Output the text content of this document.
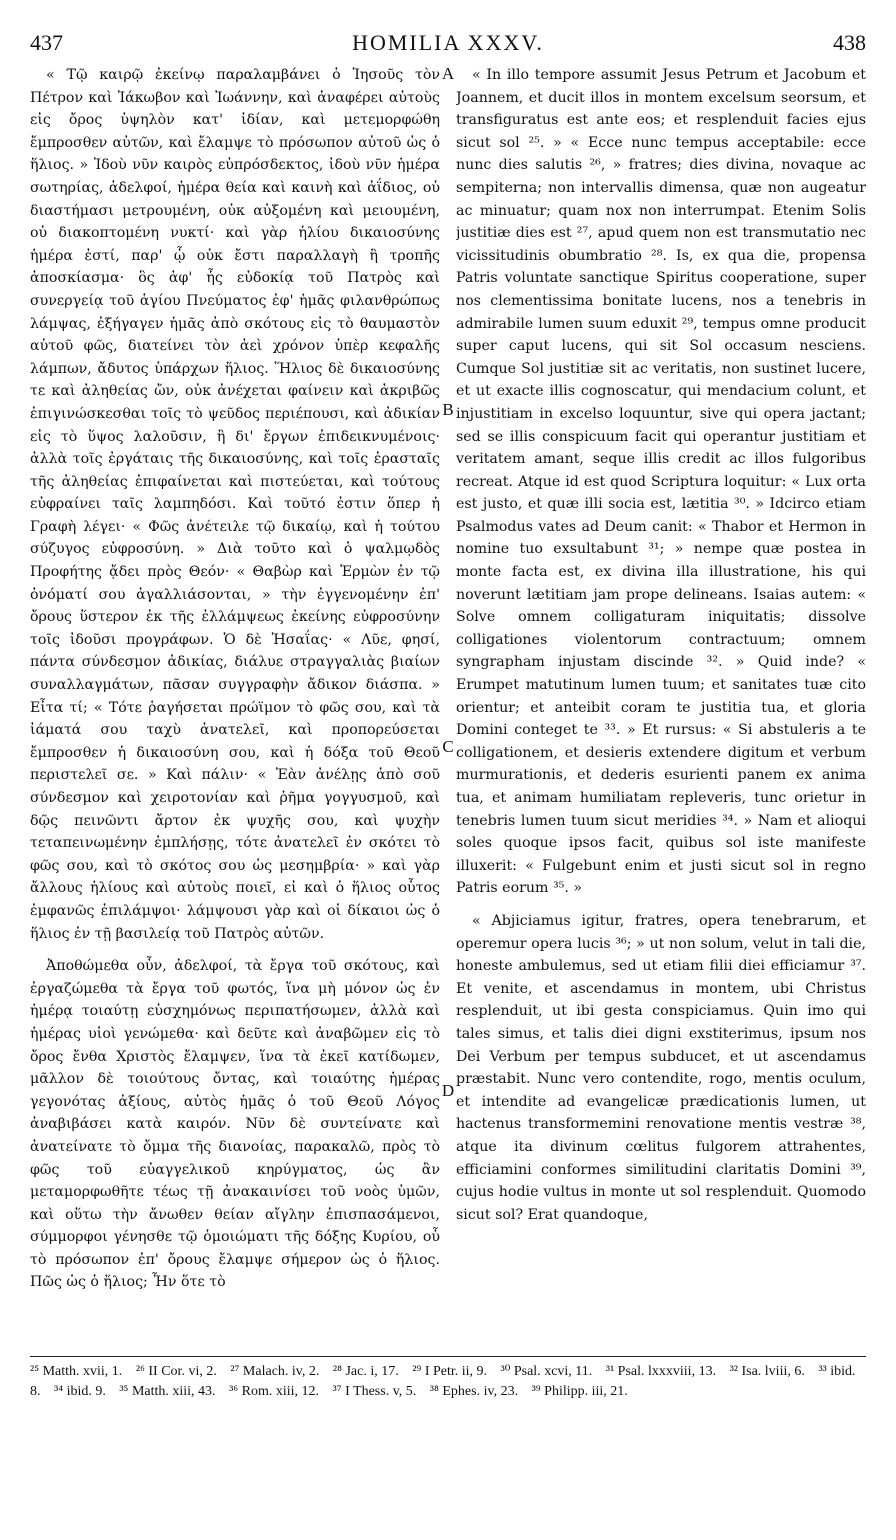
437	HOMILIA XXXV.	438

« Τῷ καιρῷ ἐκείνῳ παραλαμβάνει ὁ Ἰησοῦς τὸν Πέτρον καὶ Ἰάκωβον καὶ Ἰωάννην, καὶ ἀναφέρει αὐτοὺς εἰς ὄρος ὑψηλὸν κατ' ἰδίαν, καὶ μετεμορφώθη ἔμπροσθεν αὐτῶν, καὶ ἔλαμψε τὸ πρόσωπον αὐτοῦ ὡς ὁ ἥλιος. » Ἰδοὺ νῦν καιρὸς εὐπρόσδεκτος, ἰδοὺ νῦν ἡμέρα σωτηρίας, ἀδελφοί, ἡμέρα θεία καὶ καινὴ καὶ ἀΐδιος, οὐ διαστήμασι μετρουμένη, οὐκ αὐξομένη καὶ μειουμένη, οὐ διακοπτομένη νυκτί· καὶ γὰρ ἡλίου δικαιοσύνης ἡμέρα ἐστί, παρ' ᾧ οὐκ ἔστι παραλλαγὴ ἢ τροπῆς ἀποσκίασμα· ὃς ἀφ' ἧς εὐδοκίᾳ τοῦ Πατρὸς καὶ συνεργείᾳ τοῦ ἁγίου Πνεύματος ἐφ' ἡμᾶς φιλανθρώπως λάμψας, ἐξήγαγεν ἡμᾶς ἀπὸ σκότους εἰς τὸ θαυμαστὸν αὐτοῦ φῶς, διατείνει τὸν ἀεὶ χρόνον ὑπὲρ κεφαλῆς λάμπων, ἄδυτος ὑπάρχων ἥλιος. Ἥλιος δὲ δικαιοσύνης τε καὶ ἀληθείας ὤν, οὐκ ἀνέχεται φαίνειν καὶ ἀκριβῶς ἐπιγινώσκεσθαι τοῖς τὸ ψεῦδος περιέπουσι, καὶ ἀδικίαν εἰς τὸ ὕψος λαλοῦσιν, ἢ δι' ἔργων ἐπιδεικνυμένοις· ἀλλὰ τοῖς ἐργάταις τῆς δικαιοσύνης, καὶ τοῖς ἐρασταῖς τῆς ἀληθείας ἐπιφαίνεται καὶ πιστεύεται, καὶ τούτους εὐφραίνει ταῖς λαμπηδόσι. Καὶ τοῦτό ἐστιν ὅπερ ἡ Γραφὴ λέγει· « Φῶς ἀνέτειλε τῷ δικαίῳ, καὶ ἡ τούτου σύζυγος εὐφροσύνη. » Διὰ τοῦτο καὶ ὁ ψαλμῳδὸς Προφήτης ᾄδει πρὸς Θεόν· « Θαβὼρ καὶ Ἑρμὼν ἐν τῷ ὀνόματί σου ἀγαλλιάσονται, » τὴν ἐγγενομένην ἐπ' ὄρους ὕστερον ἐκ τῆς ἐλλάμψεως ἐκείνης εὐφροσύνην τοῖς ἰδοῦσι προγράφων. Ὁ δὲ Ἡσαΐας· « Λῦε, φησί, πάντα σύνδεσμον ἀδικίας, διάλυε στραγγαλιὰς βιαίων συναλλαγμάτων, πᾶσαν συγγραφὴν ἄδικον διάσπα. » Εἶτα τί; « Τότε ῥαγήσεται πρώϊμον τὸ φῶς σου, καὶ τὰ ἰάματά σου ταχὺ ἀνατελεῖ, καὶ προπορεύσεται ἔμπροσθεν ἡ δικαιοσύνη σου, καὶ ἡ δόξα τοῦ Θεοῦ περιστελεῖ σε. » Καὶ πάλιν· « Ἐὰν ἀνέλῃς ἀπὸ σοῦ σύνδεσμον καὶ χειροτονίαν καὶ ῥῆμα γογγυσμοῦ, καὶ δῷς πεινῶντι ἄρτον ἐκ ψυχῆς σου, καὶ ψυχὴν τεταπεινωμένην ἐμπλήσῃς, τότε ἀνατελεῖ ἐν σκότει τὸ φῶς σου, καὶ τὸ σκότος σου ὡς μεσημβρία· » καὶ γὰρ ἄλλους ἡλίους καὶ αὐτοὺς ποιεῖ, εἰ καὶ ὁ ἥλιος οὗτος ἐμφανῶς ἐπιλάμψοι· λάμψουσι γὰρ καὶ οἱ δίκαιοι ὡς ὁ ἥλιος ἐν τῇ βασιλείᾳ τοῦ Πατρὸς αὐτῶν.

Ἀποθώμεθα οὖν, ἀδελφοί, τὰ ἔργα τοῦ σκότους, καὶ ἐργαζώμεθα τὰ ἔργα τοῦ φωτός, ἵνα μὴ μόνον ὡς ἐν ἡμέρᾳ τοιαύτῃ εὐσχημόνως περιπατήσωμεν, ἀλλὰ καὶ ἡμέρας υἱοὶ γενώμεθα· καὶ δεῦτε καὶ ἀναβῶμεν εἰς τὸ ὄρος ἔνθα Χριστὸς ἔλαμψεν, ἵνα τὰ ἐκεῖ κατίδωμεν, μᾶλλον δὲ τοιούτους ὄντας, καὶ τοιαύτης ἡμέρας γεγονότας ἀξίους, αὐτὸς ἡμᾶς ὁ τοῦ Θεοῦ Λόγος ἀναβιβάσει κατὰ καιρόν. Νῦν δὲ συντείνατε καὶ ἀνατείνατε τὸ ὄμμα τῆς διανοίας, παρακαλῶ, πρὸς τὸ φῶς τοῦ εὐαγγελικοῦ κηρύγματος, ὡς ἂν μεταμορφωθῆτε τέως τῇ ἀνακαινίσει τοῦ νοὸς ὑμῶν, καὶ οὕτω τὴν ἄνωθεν θείαν αἴγλην ἐπισπασάμενοι, σύμμορφοι γένησθε τῷ ὁμοιώματι τῆς δόξης Κυρίου, οὗ τὸ πρόσωπον ἐπ' ὄρους ἔλαμψε σήμερον ὡς ὁ ἥλιος. Πῶς ὡς ὁ ἥλιος; Ἦν ὅτε τὸ

A
B
C
D

« In illo tempore assumit Jesus Petrum et Jacobum et Joannem, et ducit illos in montem excelsum seorsum, et transfiguratus est ante eos; et resplenduit facies ejus sicut sol ²⁵. » « Ecce nunc tempus acceptabile: ecce nunc dies salutis ²⁶, » fratres; dies divina, novaque ac sempiterna; non intervallis dimensa, quæ non augeatur ac minuatur; quam nox non interrumpat. Etenim Solis justitiæ dies est ²⁷, apud quem non est transmutatio nec vicissitudinis obumbratio ²⁸. Is, ex qua die, propensa Patris voluntate sanctique Spiritus cooperatione, super nos clementissima bonitate lucens, nos a tenebris in admirabile lumen suum eduxit ²⁹, tempus omne producit super caput lucens, qui sit Sol occasum nesciens. Cumque Sol justitiæ sit ac veritatis, non sustinet lucere, et ut exacte illis cognoscatur, qui mendacium colunt, et injustitiam in excelso loquuntur, sive qui opera jactant; sed se illis conspicuum facit qui operantur justitiam et veritatem amant, seque illis credit ac illos fulgoribus recreat. Atque id est quod Scriptura loquitur: « Lux orta est justo, et quæ illi socia est, lætitia ³⁰. » Idcirco etiam Psalmodus vates ad Deum canit: « Thabor et Hermon in nomine tuo exsultabunt ³¹; » nempe quæ postea in monte facta est, ex divina illa illustratione, his qui noverunt lætitiam jam prope delineans. Isaias autem: « Solve omnem colligaturam iniquitatis; dissolve colligationes violentorum contractuum; omnem syngrapham injustam discinde ³². » Quid inde? « Erumpet matutinum lumen tuum; et sanitates tuæ cito orientur; et anteibit coram te justitia tua, et gloria Domini conteget te ³³. » Et rursus: « Si abstuleris a te colligationem, et desieris extendere digitum et verbum murmurationis, et dederis esurienti panem ex anima tua, et animam humiliatam repleveris, tunc orietur in tenebris lumen tuum sicut meridies ³⁴. » Nam et alioqui soles quoque ipsos facit, quibus sol iste manifeste illuxerit: « Fulgebunt enim et justi sicut sol in regno Patris eorum ³⁵. »

« Abjiciamus igitur, fratres, opera tenebrarum, et operemur opera lucis ³⁶; » ut non solum, velut in tali die, honeste ambulemus, sed ut etiam filii diei efficiamur ³⁷. Et venite, et ascendamus in montem, ubi Christus resplenduit, ut ibi gesta conspiciamus. Quin imo qui tales simus, et talis diei digni exstiterimus, ipsum nos Dei Verbum per tempus subducet, et ut ascendamus præstabit. Nunc vero contendite, rogo, mentis oculum, et intendite ad evangelicæ prædicationis lumen, ut hactenus transformemini renovatione mentis vestræ ³⁸, atque ita divinum cœlitus fulgorem attrahentes, efficiamini conformes similitudini claritatis Domini ³⁹, cujus hodie vultus in monte ut sol resplenduit. Quomodo sicut sol? Erat quandoque,

²⁵ Matth. xvii, 1. ²⁶ II Cor. vi, 2. ²⁷ Malach. iv, 2. ²⁸ Jac. i, 17. ²⁹ I Petr. ii, 9. ³⁰ Psal. xcvi, 11. ³¹ Psal. lxxxviii, 13. ³² Isa. lviii, 6. ³³ ibid. 8. ³⁴ ibid. 9. ³⁵ Matth. xiii, 43. ³⁶ Rom. xiii, 12. ³⁷ I Thess. v, 5. ³⁸ Ephes. iv, 23. ³⁹ Philipp. iii, 21.
